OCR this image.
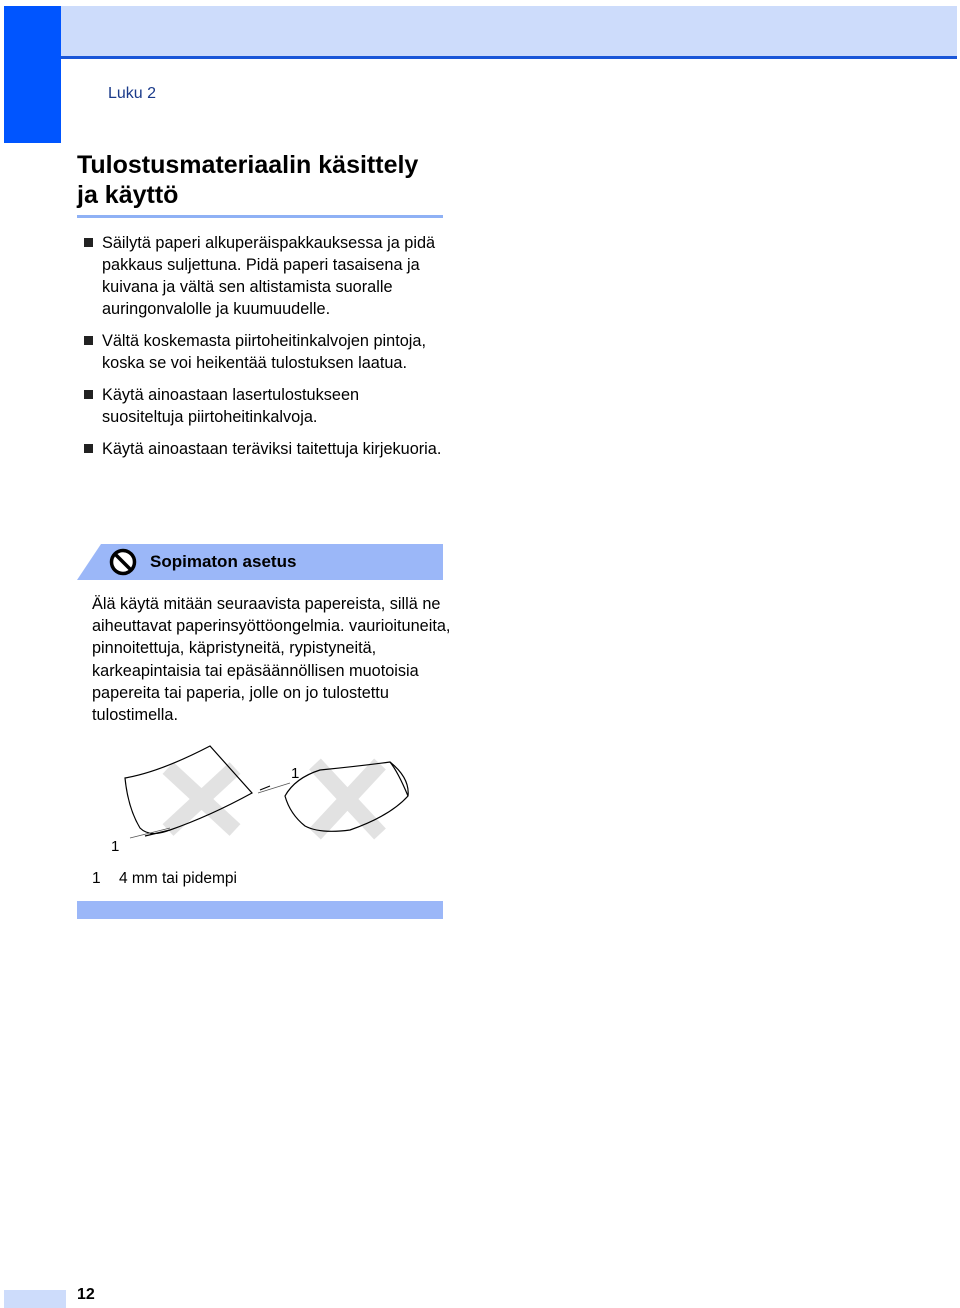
Luku 2
Tulostusmateriaalin käsittely ja käyttö
Säilytä paperi alkuperäispakkauksessa ja pidä pakkaus suljettuna. Pidä paperi tasaisena ja kuivana ja vältä sen altistamista suoralle auringonvalolle ja kuumuudelle.
Vältä koskemasta piirtoheitinkalvojen pintoja, koska se voi heikentää tulostuksen laatua.
Käytä ainoastaan lasertulostukseen suositeltuja piirtoheitinkalvoja.
Käytä ainoastaan teräviksi taitettuja kirjekuoria.
Sopimaton asetus

Älä käytä mitään seuraavista papereista, sillä ne aiheuttavat paperinsyöttöongelmia. vaurioituneita, pinnoitettuja, käpristyneitä, rypistyneitä, karkeapintaisia tai epäsäännöllisen muotoisia papereita tai paperia, jolle on jo tulostettu tulostimella.

1
1
1 4 mm tai pidempi
12
